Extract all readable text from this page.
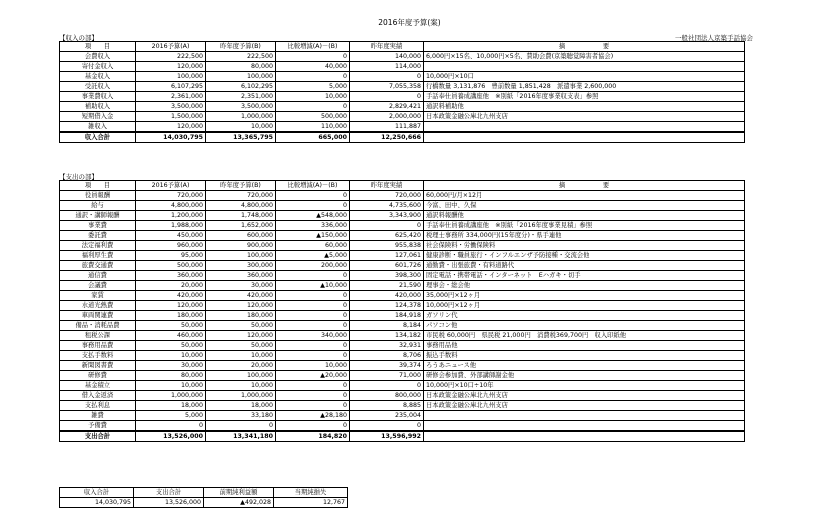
2016年度予算(案)
一般社団法人京築手話協会
【収入の部】
項　　目	2016予算(A)	昨年度予算(B)	比較増減(A)－(B)	昨年度実績	摘　　　　　　要
会費収入	222,500	222,500	0	140,000	6,000円×15名、10,000円×5名、賛助会費(京築聴覚障害者協会)
寄付金収入	120,000	80,000	40,000	114,000	
基金収入	100,000	100,000	0	0	10,000円×10口
受託収入	6,107,295	6,102,295	5,000	7,055,358	行橋数量 3,131,876　豊前数量 1,851,428　派遣事業 2,600,000
事業費収入	2,361,000	2,351,000	10,000	0	手話奉仕員養成講座他　※別紙「2016年度事業収支表」参照
補助収入	3,500,000	3,500,000	0	2,829,421	通訳料補助他
短期借入金	1,500,000	1,000,000	500,000	2,000,000	日本政策金融公庫北九州支店
雑収入	120,000	10,000	110,000	111,887	
収入合計	14,030,795	13,365,795	665,000	12,250,666	
【支出の部】
項　　目	2016予算(A)	昨年度予算(B)	比較増減(A)－(B)	昨年度実績	摘　　　　　　要
役員報酬	720,000	720,000	0	720,000	60,000円/月×12月
給与	4,800,000	4,800,000	0	4,735,600	今富、田中、久保
通訳・講師報酬	1,200,000	1,748,000	▲548,000	3,343,900	通訳料報酬他
事業費	1,988,000	1,652,000	336,000	0	手話奉仕員養成講座他　※別紙「2016年度事業見積」参照
委託費	450,000	600,000	▲150,000	625,420	税理士事務所 334,000円(15年度分)・県手連他
法定福利費	960,000	900,000	60,000	955,838	社会保険料・労働保険料
福利厚生費	95,000	100,000	▲5,000	127,061	健康診断・職員旅行・インフルエンザ予防接種・交流会他
旅費交通費	500,000	300,000	200,000	601,726	通勤費・出張旅費・有料道路代
通信費	360,000	360,000	0	398,300	固定電話・携帯電話・インターネット　Eハガキ・切手
会議費	20,000	30,000	▲10,000	21,590	理事会・総会他
家賃	420,000	420,000	0	420,000	35,000円×12ヶ月
水道光熱費	120,000	120,000	0	124,378	10,000円×12ヶ月
車両関連費	180,000	180,000	0	184,918	ガソリン代
備品・消耗品費	50,000	50,000	0	8,184	パソコン他
租税公課	460,000	120,000	340,000	134,182	市民税 60,000円　県民税 21,000円　消費税369,700円　収入印紙他
事務用品費	50,000	50,000	0	32,931	事務用品他
支払手数料	10,000	10,000	0	8,706	振込手数料
新聞図書費	30,000	20,000	10,000	39,374	ろうあニュース他
研修費	80,000	100,000	▲20,000	71,000	研修会参加費、外部講師謝金他
基金積立	10,000	10,000	0	0	10,000円×10口÷10年
借入金返済	1,000,000	1,000,000	0	800,000	日本政策金融公庫北九州支店
支払利息	18,000	18,000	0	8,885	日本政策金融公庫北九州支店
雑費	5,000	33,180	▲28,180	235,004	
予備費	0	0	0	0	
支出合計	13,526,000	13,341,180	184,820	13,596,992	
収入合計	支出合計	前期純利益額	当期純損失
14,030,795	13,526,000	▲492,028	12,767
